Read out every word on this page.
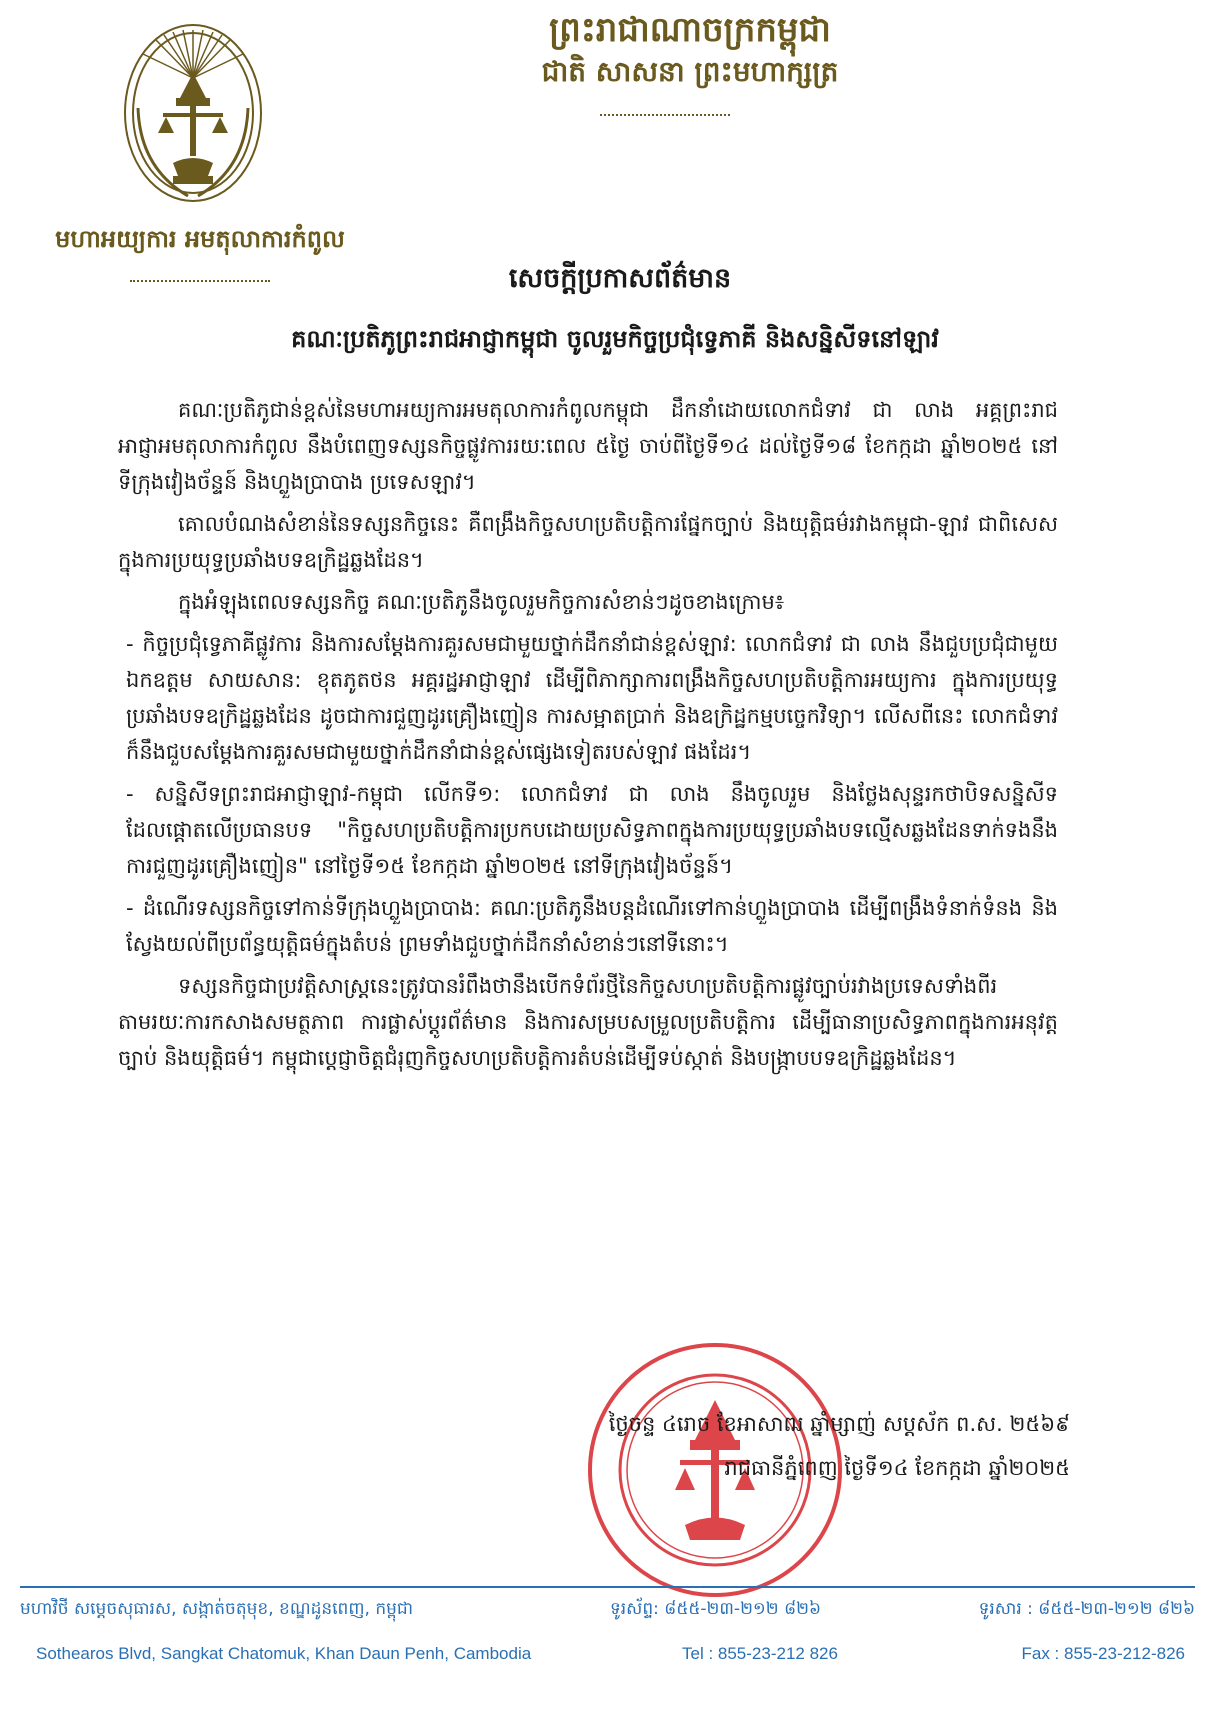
មហាអយ្យការ អមតុលាការកំពូល
ព្រះរាជាណាចក្រកម្ពុជា
ជាតិ សាសនា ព្រះមហាក្សត្រ
សេចក្តីប្រកាសព័ត៌មាន
គណៈប្រតិភូព្រះរាជអាជ្ញាកម្ពុជា ចូលរួមកិច្ចប្រជុំទ្វេភាគី និងសន្និសីទនៅឡាវ

គណៈប្រតិភូជាន់ខ្ពស់នៃមហាអយ្យការអមតុលាការកំពូលកម្ពុជា ដឹកនាំដោយលោកជំទាវ ជា លាង អគ្គព្រះរាជអាជ្ញាអមតុលាការកំពូល នឹងបំពេញទស្សនកិច្ចផ្លូវការរយៈពេល ៥ថ្ងៃ ចាប់ពីថ្ងៃទី១៤ ដល់ថ្ងៃទី១៨ ខែកក្កដា ឆ្នាំ២០២៥ នៅទីក្រុងវៀងច័ន្ទន៍ និងហ្លួងប្រាបាង ប្រទេសឡាវ។

គោលបំណងសំខាន់នៃទស្សនកិច្ចនេះ គឺពង្រឹងកិច្ចសហប្រតិបត្តិការផ្នែកច្បាប់ និងយុត្តិធម៌រវាងកម្ពុជា-ឡាវ ជាពិសេសក្នុងការប្រយុទ្ធប្រឆាំងបទឧក្រិដ្ឋឆ្លងដែន។

ក្នុងអំឡុងពេលទស្សនកិច្ច គណៈប្រតិភូនឹងចូលរួមកិច្ចការសំខាន់ៗដូចខាងក្រោម៖

- កិច្ចប្រជុំទ្វេភាគីផ្លូវការ និងការសម្តែងការគួរសមជាមួយថ្នាក់ដឹកនាំជាន់ខ្ពស់ឡាវ: លោកជំទាវ ជា លាង នឹងជួបប្រជុំជាមួយឯកឧត្តម សាយសាន: ខុតភូតថន អគ្គរដ្ឋអាជ្ញាឡាវ ដើម្បីពិភាក្សាការពង្រឹងកិច្ចសហប្រតិបត្តិការអយ្យការ ក្នុងការប្រយុទ្ធប្រឆាំងបទឧក្រិដ្ឋឆ្លងដែន ដូចជាការជួញដូរគ្រឿងញៀន ការសម្អាតប្រាក់ និងឧក្រិដ្ឋកម្មបច្ចេកវិទ្យា។ លើសពីនេះ លោកជំទាវ ក៏នឹងជួបសម្តែងការគួរសមជាមួយថ្នាក់ដឹកនាំជាន់ខ្ពស់ផ្សេងទៀតរបស់ឡាវ ផងដែរ។

- សន្និសីទព្រះរាជអាជ្ញាឡាវ-កម្ពុជា លើកទី១: លោកជំទាវ ជា លាង នឹងចូលរួម និងថ្លែងសុន្ទរកថាបិទសន្និសីទដែលផ្តោតលើប្រធានបទ "កិច្ចសហប្រតិបត្តិការប្រកបដោយប្រសិទ្ធភាពក្នុងការប្រយុទ្ធប្រឆាំងបទល្មើសឆ្លងដែនទាក់ទងនឹងការជួញដូរគ្រឿងញៀន" នៅថ្ងៃទី១៥ ខែកក្កដា ឆ្នាំ២០២៥ នៅទីក្រុងវៀងច័ន្ទន៍។

- ដំណើរទស្សនកិច្ចទៅកាន់ទីក្រុងហ្លួងប្រាបាង: គណៈប្រតិភូនឹងបន្តដំណើរទៅកាន់ហ្លួងប្រាបាង ដើម្បីពង្រឹងទំនាក់ទំនង និងស្វែងយល់ពីប្រព័ន្ធយុត្តិធម៌ក្នុងតំបន់ ព្រមទាំងជួបថ្នាក់ដឹកនាំសំខាន់ៗនៅទីនោះ។

ទស្សនកិច្ចជាប្រវត្តិសាស្ត្រនេះត្រូវបានរំពឹងថានឹងបើកទំព័រថ្មីនៃកិច្ចសហប្រតិបត្តិការផ្លូវច្បាប់រវាងប្រទេសទាំងពីរ តាមរយៈការកសាងសមត្ថភាព ការផ្លាស់ប្តូរព័ត៌មាន និងការសម្របសម្រួលប្រតិបត្តិការ ដើម្បីធានាប្រសិទ្ធភាពក្នុងការអនុវត្តច្បាប់ និងយុត្តិធម៌។ កម្ពុជាប្តេជ្ញាចិត្តជំរុញកិច្ចសហប្រតិបត្តិការតំបន់ដើម្បីទប់ស្កាត់ និងបង្ក្រាបបទឧក្រិដ្ឋឆ្លងដែន។

ថ្ងៃចន្ទ ៤រោច ខែអាសាឍ ឆ្នាំម្សាញ់ សប្តស័ក ព.ស. ២៥៦៩
រាជធានីភ្នំពេញ ថ្ងៃទី១៤ ខែកក្កដា ឆ្នាំ២០២៥
មហាវិថី សម្តេចសុធារស, សង្កាត់ចតុមុខ, ខណ្ឌដូនពេញ, កម្ពុជា	ទូរស័ព្ទ: ៨៥៥-២៣-២១២ ៨២៦	ទូរសារ : ៨៥៥-២៣-២១២ ៨២៦
Sothearos Blvd, Sangkat Chatomuk, Khan Daun Penh, Cambodia	Tel : 855-23-212 826	Fax : 855-23-212-826
